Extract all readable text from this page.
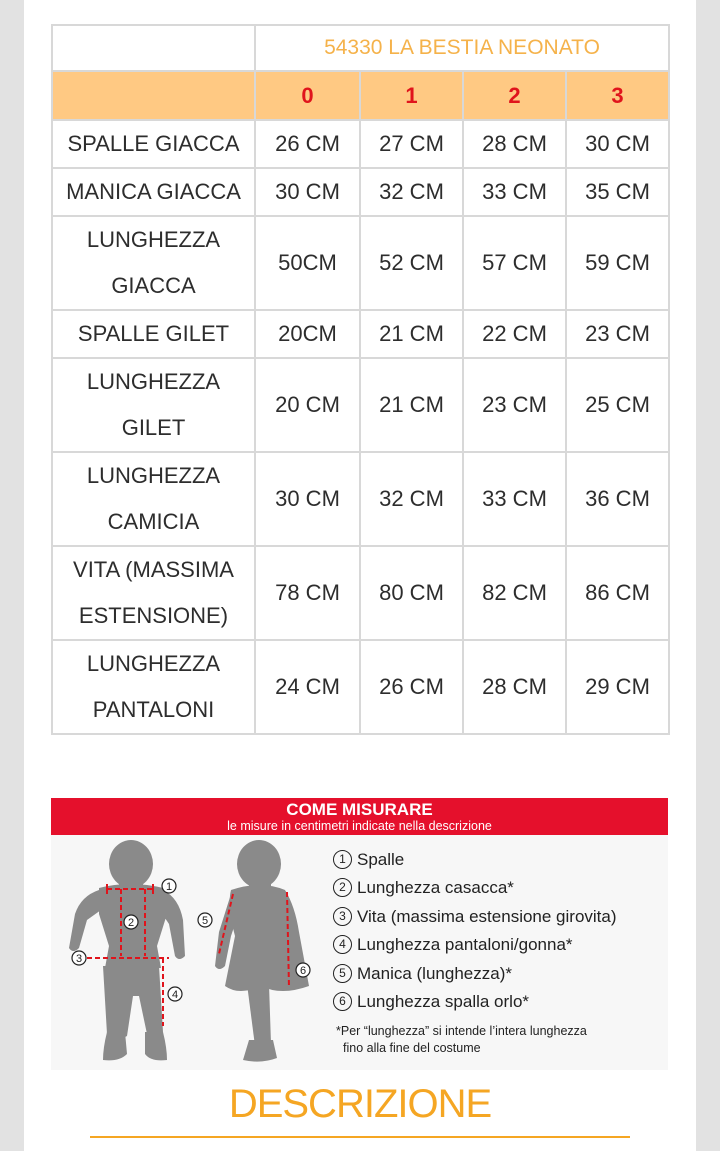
	54330 LA BESTIA NEONATO			
	0	1	2	3
SPALLE GIACCA	26 CM	27 CM	28 CM	30 CM
MANICA GIACCA	30 CM	32 CM	33 CM	35 CM
LUNGHEZZA GIACCA	50CM	52 CM	57 CM	59 CM
SPALLE GILET	20CM	21 CM	22 CM	23 CM
LUNGHEZZA GILET	20 CM	21 CM	23 CM	25 CM
LUNGHEZZA CAMICIA	30 CM	32 CM	33 CM	36 CM
VITA (MASSIMA ESTENSIONE)	78 CM	80 CM	82 CM	86 CM
LUNGHEZZA PANTALONI	24 CM	26 CM	28 CM	29 CM
COME MISURARE
le misure in centimetri indicate nella descrizione
1
2
3
4
5
6
1 Spalle
2 Lunghezza casacca*
3 Vita (massima estensione girovita)
4 Lunghezza pantaloni/gonna*
5 Manica (lunghezza)*
6 Lunghezza spalla orlo*
*Per “lunghezza” si intende l’intera lunghezza
fino alla fine del costume
DESCRIZIONE
